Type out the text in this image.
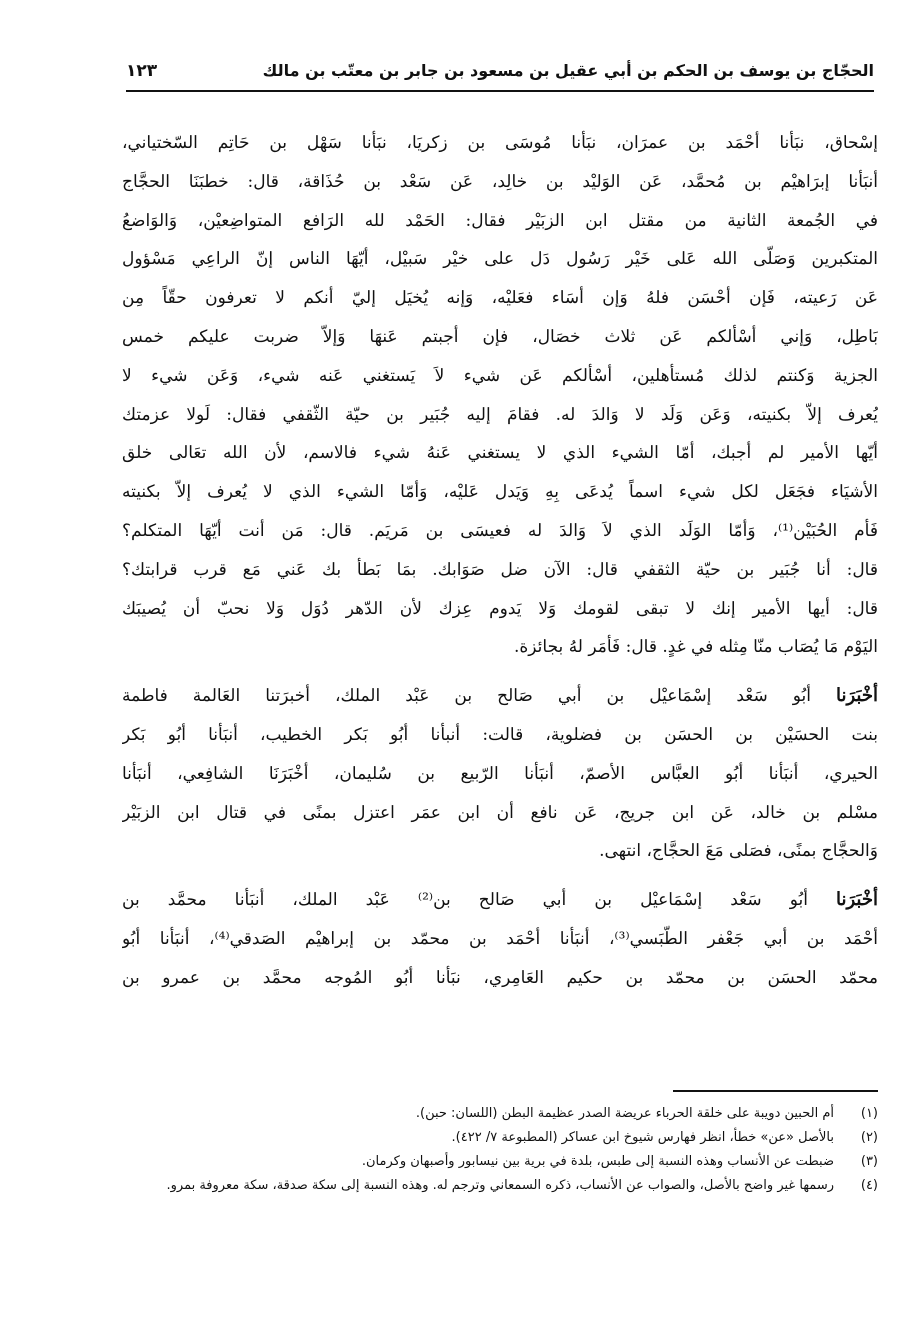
الحجّاج بن يوسف بن الحكم بن أبي عقيل بن مسعود بن جابر بن معتّب بن مالك
١٢٣
إسْحاق، نبَأنا أحْمَد بن عمرَان، نبَأنا مُوسَى بن زكريَا، نبَأنا سَهْل بن حَاتِم السّختياني،
أنبَأنا إبرَاهيْم بن مُحمَّد، عَن الوَليْد بن خالِد، عَن سَعْد بن حُذَاقة، قال: خطبَنَا الحجَّاج
في الجُمعة الثانية من مقتل ابن الزبَيْر فقال: الحَمْد لله الرَافع المتواضِعيْن، وَالوَاضعُ
المتكبرين وَصَلّى الله عَلى خَيْر رَسُول دَل على خيْر سَبيْل، أيّهَا الناس إنّ الراعِي مَسْؤول
عَن رَعيته، فَإن أحْسَن فلهُ وَإن أسَاء فعَليْه، وَإنه يُخيَل إليّ أنكم لا تعرفون حقّاً مِن
بَاطِل، وَإني أسْألكم عَن ثلاث خصَال، فإن أجبتم عَنهَا وَإلاّ ضربت عليكم خمس
الجزية وَكنتم لذلك مُستأهلين، أسْألكم عَن شيء لاَ يَستغني عَنه شيء، وَعَن شيء لا
يُعرف إلاّ بكنيته، وَعَن وَلَد لا وَالدَ له. فقامَ إليه جُبَير بن حيّة الثّقفي فقال: لَولا عزمتك
أيّها الأمير لم أجبك، أمّا الشيء الذي لا يستغني عَنهُ شيء فالاسم، لأن الله تعَالى خلق
الأشيَاء فجَعَل لكل شيء اسماً يُدعَى بِهِ وَيَدل عَليْه، وَأمّا الشيء الذي لا يُعرف إلاّ بكنيته
فَأم الحُبَيْن⁽¹⁾، وَأمّا الوَلَد الذي لاَ وَالدَ له فعيسَى بن مَريَم. قال: مَن أنت أيّهَا المتكلم؟
قال: أنا جُبَير بن حيّة الثقفي قال: الآن ضل صَوَابك. بمَا بَطأ بك عَني مَع قرب قرابتك؟
قال: أيها الأمير إنك لا تبقى لقومك وَلا يَدوم عِزك لأن الدّهر دُوَل وَلا نحبّ أن يُصيبَك
اليَوْم مَا يُصَاب منّا مِثله في غدٍ. قال: فَأمَر لهُ بجائزة.
أخْبَرَنا أبُو سَعْد إسْمَاعيْل بن أبي صَالح بن عَبْد الملك، أخبرَتنا العَالمة فاطمة
بنت الحسَيْن بن الحسَن بن فضلوية، قالت: أنبأنا أبُو بَكر الخطيب، أنبَأنا أبُو بَكر
الحيري، أنبَأنا أبُو العبَّاس الأصمّ، أنبَأنا الرّبيع بن سُليمان، أخْبَرَنَا الشافِعي، أنبَأنا
مسْلم بن خالد، عَن ابن جريج، عَن نافع أن ابن عمَر اعتزل بمنًى في قتال ابن الزبَيْر
وَالحجَّاج بمنًى، فصَلى مَعَ الحجَّاج، انتهى.
أخْبَرَنا أبُو سَعْد إسْمَاعيْل بن أبي صَالح بن⁽²⁾ عَبْد الملك، أنبَأنا محمَّد بن
أحْمَد بن أبي جَعْفر الطّبَسي⁽³⁾، أنبَأنا أحْمَد بن محمّد بن إبراهيْم الصَدقي⁽⁴⁾، أنبَأنا أبُو
محمّد الحسَن بن محمّد بن حكيم العَامِري، نبَأنا أبُو المُوجه محمَّد بن عمرو بن
(١)
أم الحبين دويبة على خلقة الحرباء عريضة الصدر عظيمة البطن (اللسان: حبن).
(٢)
بالأصل «عن» خطأ، انظر فهارس شيوخ ابن عساكر (المطبوعة ٧/ ٤٢٢).
(٣)
ضبطت عن الأنساب وهذه النسبة إلى طبس، بلدة في برية بين نيسابور وأصبهان وكرمان.
(٤)
رسمها غير واضح بالأصل، والصواب عن الأنساب، ذكره السمعاني وترجم له. وهذه النسبة إلى سكة صدقة، سكة معروفة بمرو.
